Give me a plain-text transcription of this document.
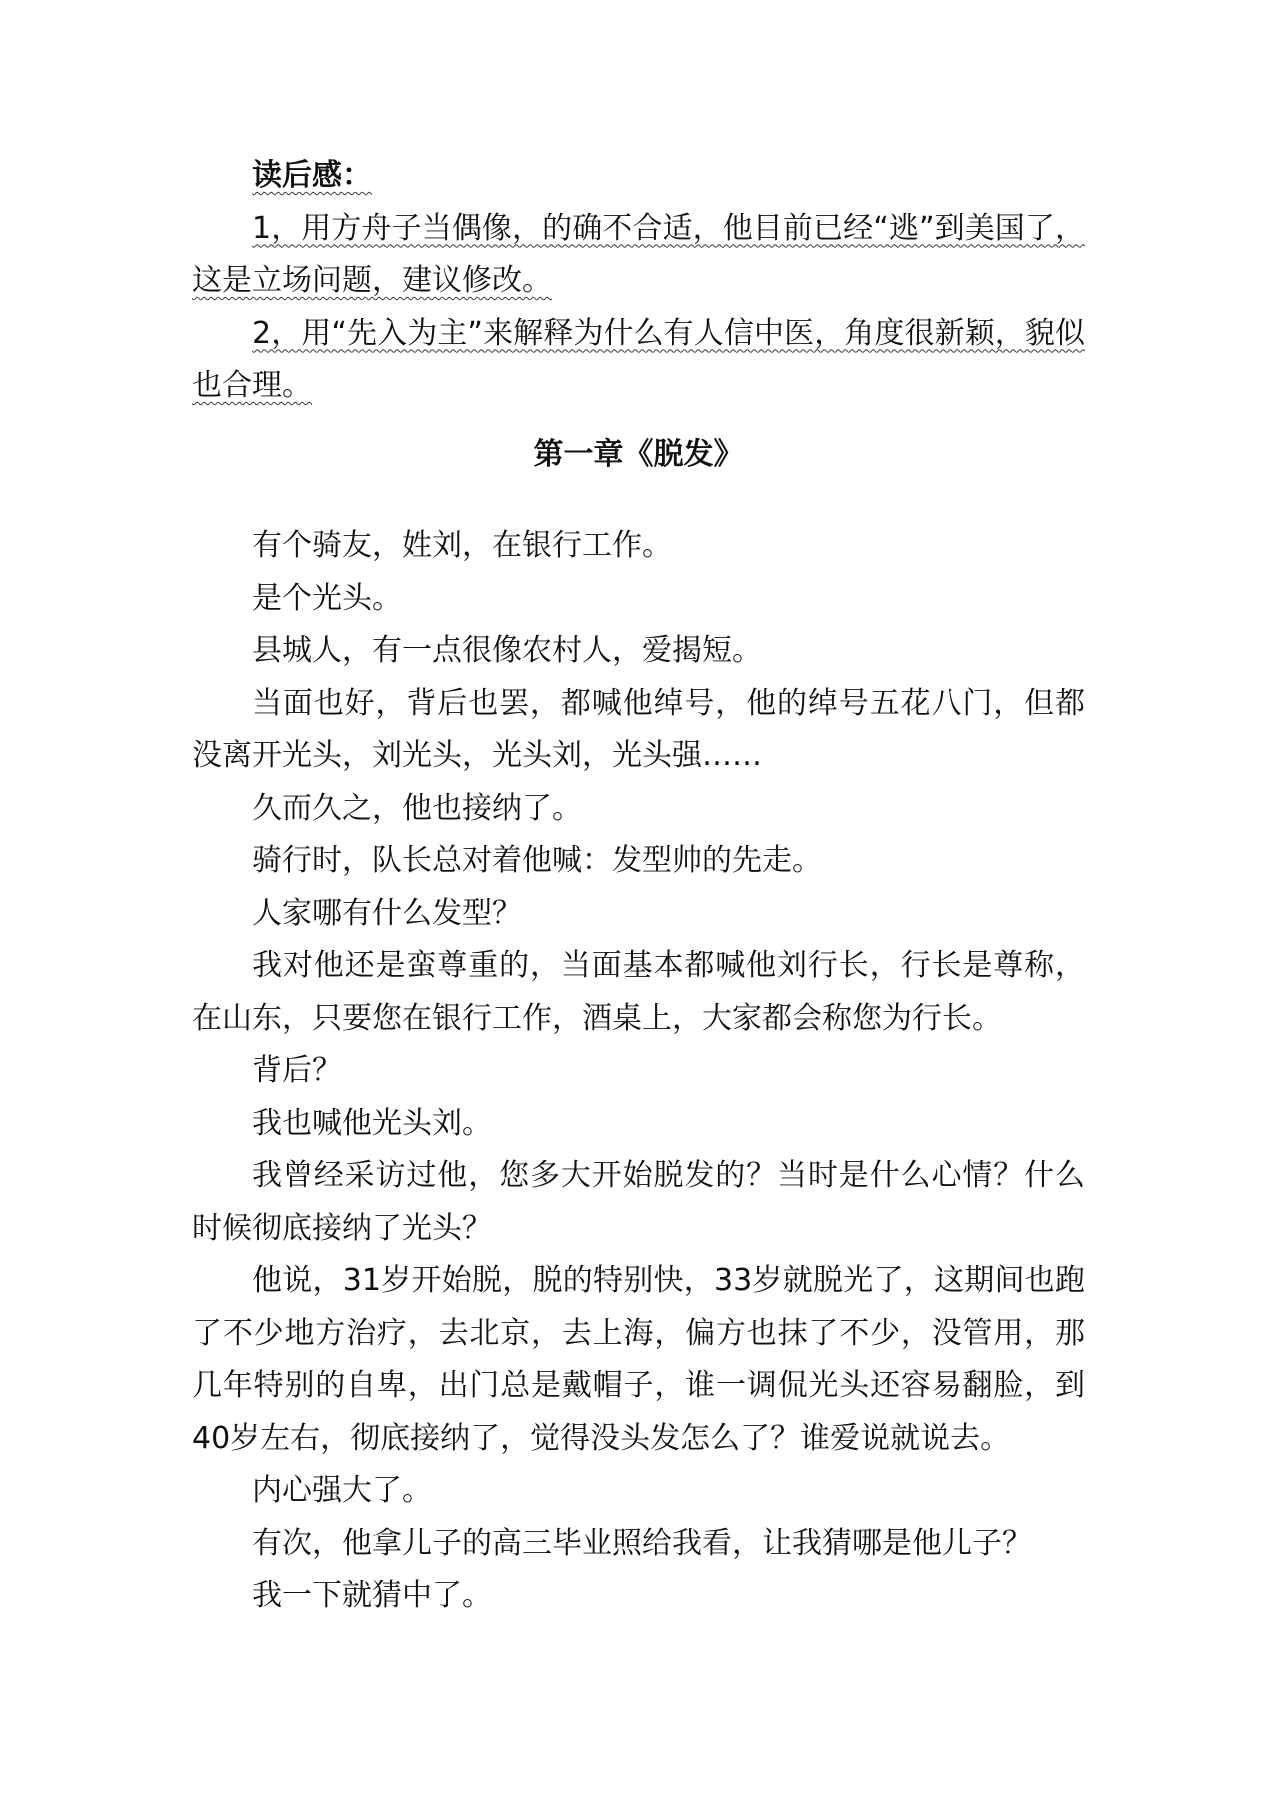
读后感：

1，用方舟子当偶像，的确不合适，他目前已经“逃”到美国了，这是立场问题，建议修改。

2，用“先入为主”来解释为什么有人信中医，角度很新颖，貌似也合理。

第一章《脱发》

有个骑友，姓刘，在银行工作。

是个光头。

县城人，有一点很像农村人，爱揭短。

当面也好，背后也罢，都喊他绰号，他的绰号五花八门，但都没离开光头，刘光头，光头刘，光头强……

久而久之，他也接纳了。

骑行时，队长总对着他喊：发型帅的先走。

人家哪有什么发型？

我对他还是蛮尊重的，当面基本都喊他刘行长，行长是尊称，在山东，只要您在银行工作，酒桌上，大家都会称您为行长。

背后？

我也喊他光头刘。

我曾经采访过他，您多大开始脱发的？当时是什么心情？什么时候彻底接纳了光头？

他说，31岁开始脱，脱的特别快，33岁就脱光了，这期间也跑了不少地方治疗，去北京，去上海，偏方也抹了不少，没管用，那几年特别的自卑，出门总是戴帽子，谁一调侃光头还容易翻脸，到40岁左右，彻底接纳了，觉得没头发怎么了？谁爱说就说去。

内心强大了。

有次，他拿儿子的高三毕业照给我看，让我猜哪是他儿子？

我一下就猜中了。
